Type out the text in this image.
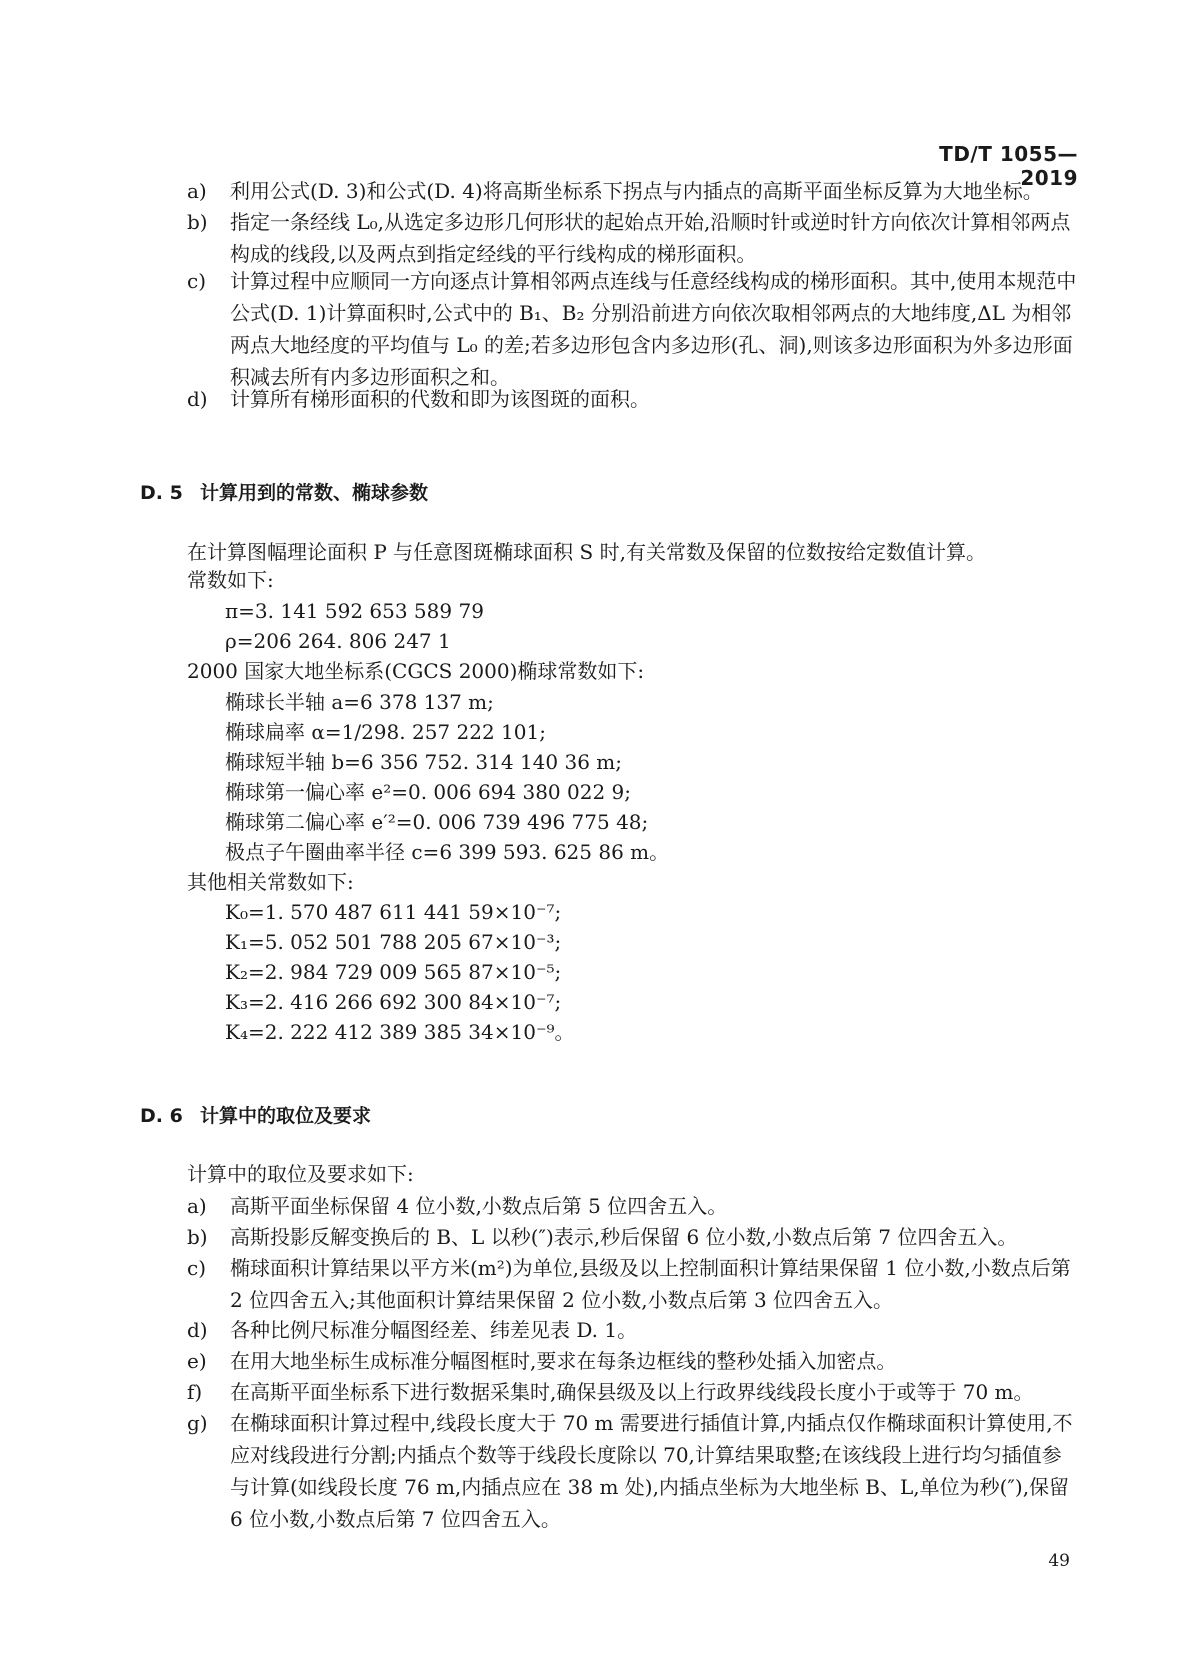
TD/T 1055—2019
a) 利用公式(D. 3)和公式(D. 4)将高斯坐标系下拐点与内插点的高斯平面坐标反算为大地坐标。
b) 指定一条经线 L₀,从选定多边形几何形状的起始点开始,沿顺时针或逆时针方向依次计算相邻两点构成的线段,以及两点到指定经线的平行线构成的梯形面积。
c) 计算过程中应顺同一方向逐点计算相邻两点连线与任意经线构成的梯形面积。其中,使用本规范中公式(D. 1)计算面积时,公式中的 B₁、B₂ 分别沿前进方向依次取相邻两点的大地纬度,ΔL 为相邻两点大地经度的平均值与 L₀ 的差;若多边形包含内多边形(孔、洞),则该多边形面积为外多边形面积减去所有内多边形面积之和。
d) 计算所有梯形面积的代数和即为该图斑的面积。
D. 5 计算用到的常数、椭球参数
在计算图幅理论面积 P 与任意图斑椭球面积 S 时,有关常数及保留的位数按给定数值计算。
常数如下:
π=3. 141 592 653 589 79
ρ=206 264. 806 247 1
2000 国家大地坐标系(CGCS 2000)椭球常数如下:
椭球长半轴 a=6 378 137 m;
椭球扁率 α=1/298. 257 222 101;
椭球短半轴 b=6 356 752. 314 140 36 m;
椭球第一偏心率 e²=0. 006 694 380 022 9;
椭球第二偏心率 e′²=0. 006 739 496 775 48;
极点子午圈曲率半径 c=6 399 593. 625 86 m。
其他相关常数如下:
K₀=1. 570 487 611 441 59×10⁻⁷;
K₁=5. 052 501 788 205 67×10⁻³;
K₂=2. 984 729 009 565 87×10⁻⁵;
K₃=2. 416 266 692 300 84×10⁻⁷;
K₄=2. 222 412 389 385 34×10⁻⁹。
D. 6 计算中的取位及要求
计算中的取位及要求如下:
a) 高斯平面坐标保留 4 位小数,小数点后第 5 位四舍五入。
b) 高斯投影反解变换后的 B、L 以秒(″)表示,秒后保留 6 位小数,小数点后第 7 位四舍五入。
c) 椭球面积计算结果以平方米(m²)为单位,县级及以上控制面积计算结果保留 1 位小数,小数点后第 2 位四舍五入;其他面积计算结果保留 2 位小数,小数点后第 3 位四舍五入。
d) 各种比例尺标准分幅图经差、纬差见表 D. 1。
e) 在用大地坐标生成标准分幅图框时,要求在每条边框线的整秒处插入加密点。
f) 在高斯平面坐标系下进行数据采集时,确保县级及以上行政界线线段长度小于或等于 70 m。
g) 在椭球面积计算过程中,线段长度大于 70 m 需要进行插值计算,内插点仅作椭球面积计算使用,不应对线段进行分割;内插点个数等于线段长度除以 70,计算结果取整;在该线段上进行均匀插值参与计算(如线段长度 76 m,内插点应在 38 m 处),内插点坐标为大地坐标 B、L,单位为秒(″),保留 6 位小数,小数点后第 7 位四舍五入。
49
